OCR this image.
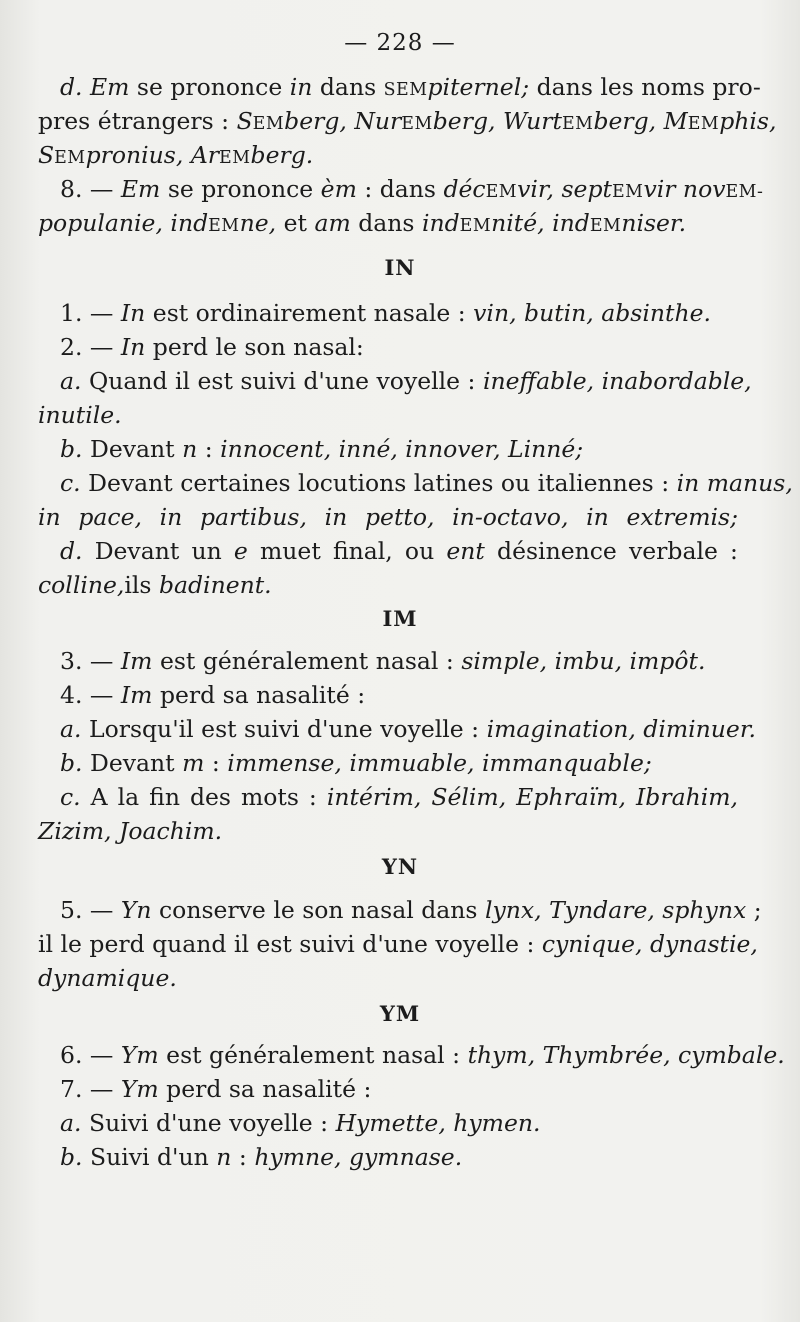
— 228 —
d. Em se prononce in dans SEMpiternel; dans les noms pro-
pres étrangers : SEMberg, NurEMberg, WurtEMberg, MEMphis,
SEMpronius, ArEMberg.
8. — Em se prononce èm : dans décEMvir, septEMvir novEM-
populanie, indEMne, et am dans indEMnité, indEMniser.
IN
1. — In est ordinairement nasale : vin, butin, absinthe.
2. — In perd le son nasal:
a. Quand il est suivi d'une voyelle : ineffable, inabordable,
inutile.
b. Devant n : innocent, inné, innover, Linné;
c. Devant certaines locutions latines ou italiennes : in manus,
in pace, in partibus, in petto, in-octavo, in extremis;
d. Devant un e muet final, ou ent désinence verbale :
colline,ils badinent.
IM
3. — Im est généralement nasal : simple, imbu, impôt.
4. — Im perd sa nasalité :
a. Lorsqu'il est suivi d'une voyelle : imagination, diminuer.
b. Devant m : immense, immuable, immanquable;
c. A la fin des mots : intérim, Sélim, Ephraïm, Ibrahim,
Zizim, Joachim.
YN
5. — Yn conserve le son nasal dans lynx, Tyndare, sphynx ;
il le perd quand il est suivi d'une voyelle : cynique, dynastie,
dynamique.
YM
6. — Ym est généralement nasal : thym, Thymbrée, cymbale.
7. — Ym perd sa nasalité :
a. Suivi d'une voyelle : Hymette, hymen.
b. Suivi d'un n : hymne, gymnase.
